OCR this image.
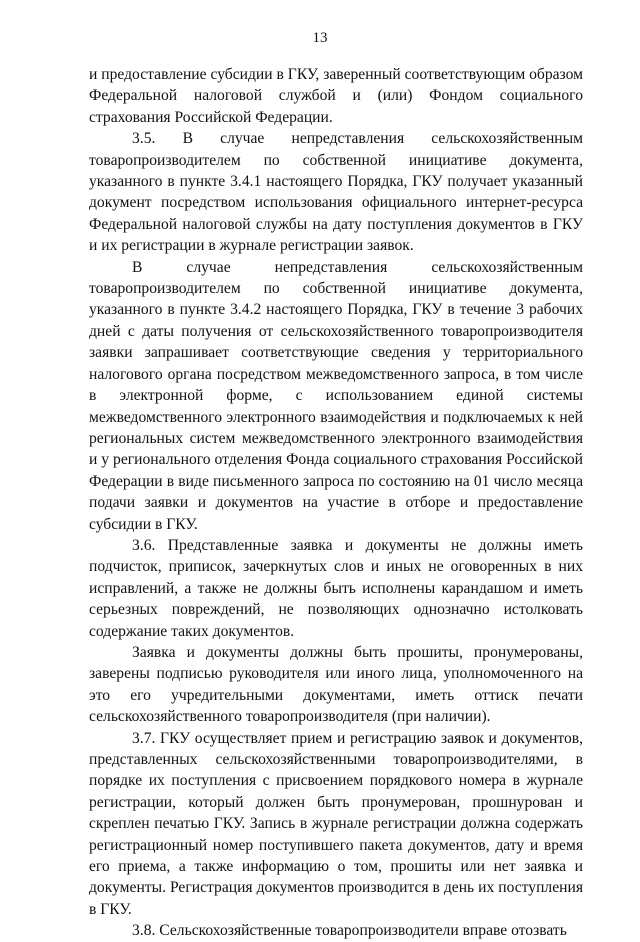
13

и предоставление субсидии в ГКУ, заверенный соответствующим образом Федеральной налоговой службой и (или) Фондом социального страхования Российской Федерации.

3.5. В случае непредставления сельскохозяйственным товаропроизводителем по собственной инициативе документа, указанного в пункте 3.4.1 настоящего Порядка, ГКУ получает указанный документ посредством использования официального интернет-ресурса Федеральной налоговой службы на дату поступления документов в ГКУ и их регистрации в журнале регистрации заявок.

В случае непредставления сельскохозяйственным товаропроизводителем по собственной инициативе документа, указанного в пункте 3.4.2 настоящего Порядка, ГКУ в течение 3 рабочих дней с даты получения от сельскохозяйственного товаропроизводителя заявки запрашивает соответствующие сведения у территориального налогового органа посредством межведомственного запроса, в том числе в электронной форме, с использованием единой системы межведомственного электронного взаимодействия и подключаемых к ней региональных систем межведомственного электронного взаимодействия и у регионального отделения Фонда социального страхования Российской Федерации в виде письменного запроса по состоянию на 01 число месяца подачи заявки и документов на участие в отборе и предоставление субсидии в ГКУ.

3.6. Представленные заявка и документы не должны иметь подчисток, приписок, зачеркнутых слов и иных не оговоренных в них исправлений, а также не должны быть исполнены карандашом и иметь серьезных повреждений, не позволяющих однозначно истолковать содержание таких документов.

Заявка и документы должны быть прошиты, пронумерованы, заверены подписью руководителя или иного лица, уполномоченного на это его учредительными документами, иметь оттиск печати сельскохозяйственного товаропроизводителя (при наличии).

3.7. ГКУ осуществляет прием и регистрацию заявок и документов, представленных сельскохозяйственными товаропроизводителями, в порядке их поступления с присвоением порядкового номера в журнале регистрации, который должен быть пронумерован, прошнурован и скреплен печатью ГКУ. Запись в журнале регистрации должна содержать регистрационный номер поступившего пакета документов, дату и время его приема, а также информацию о том, прошиты или нет заявка и документы. Регистрация документов производится в день их поступления в ГКУ.

3.8. Сельскохозяйственные товаропроизводители вправе отозвать
